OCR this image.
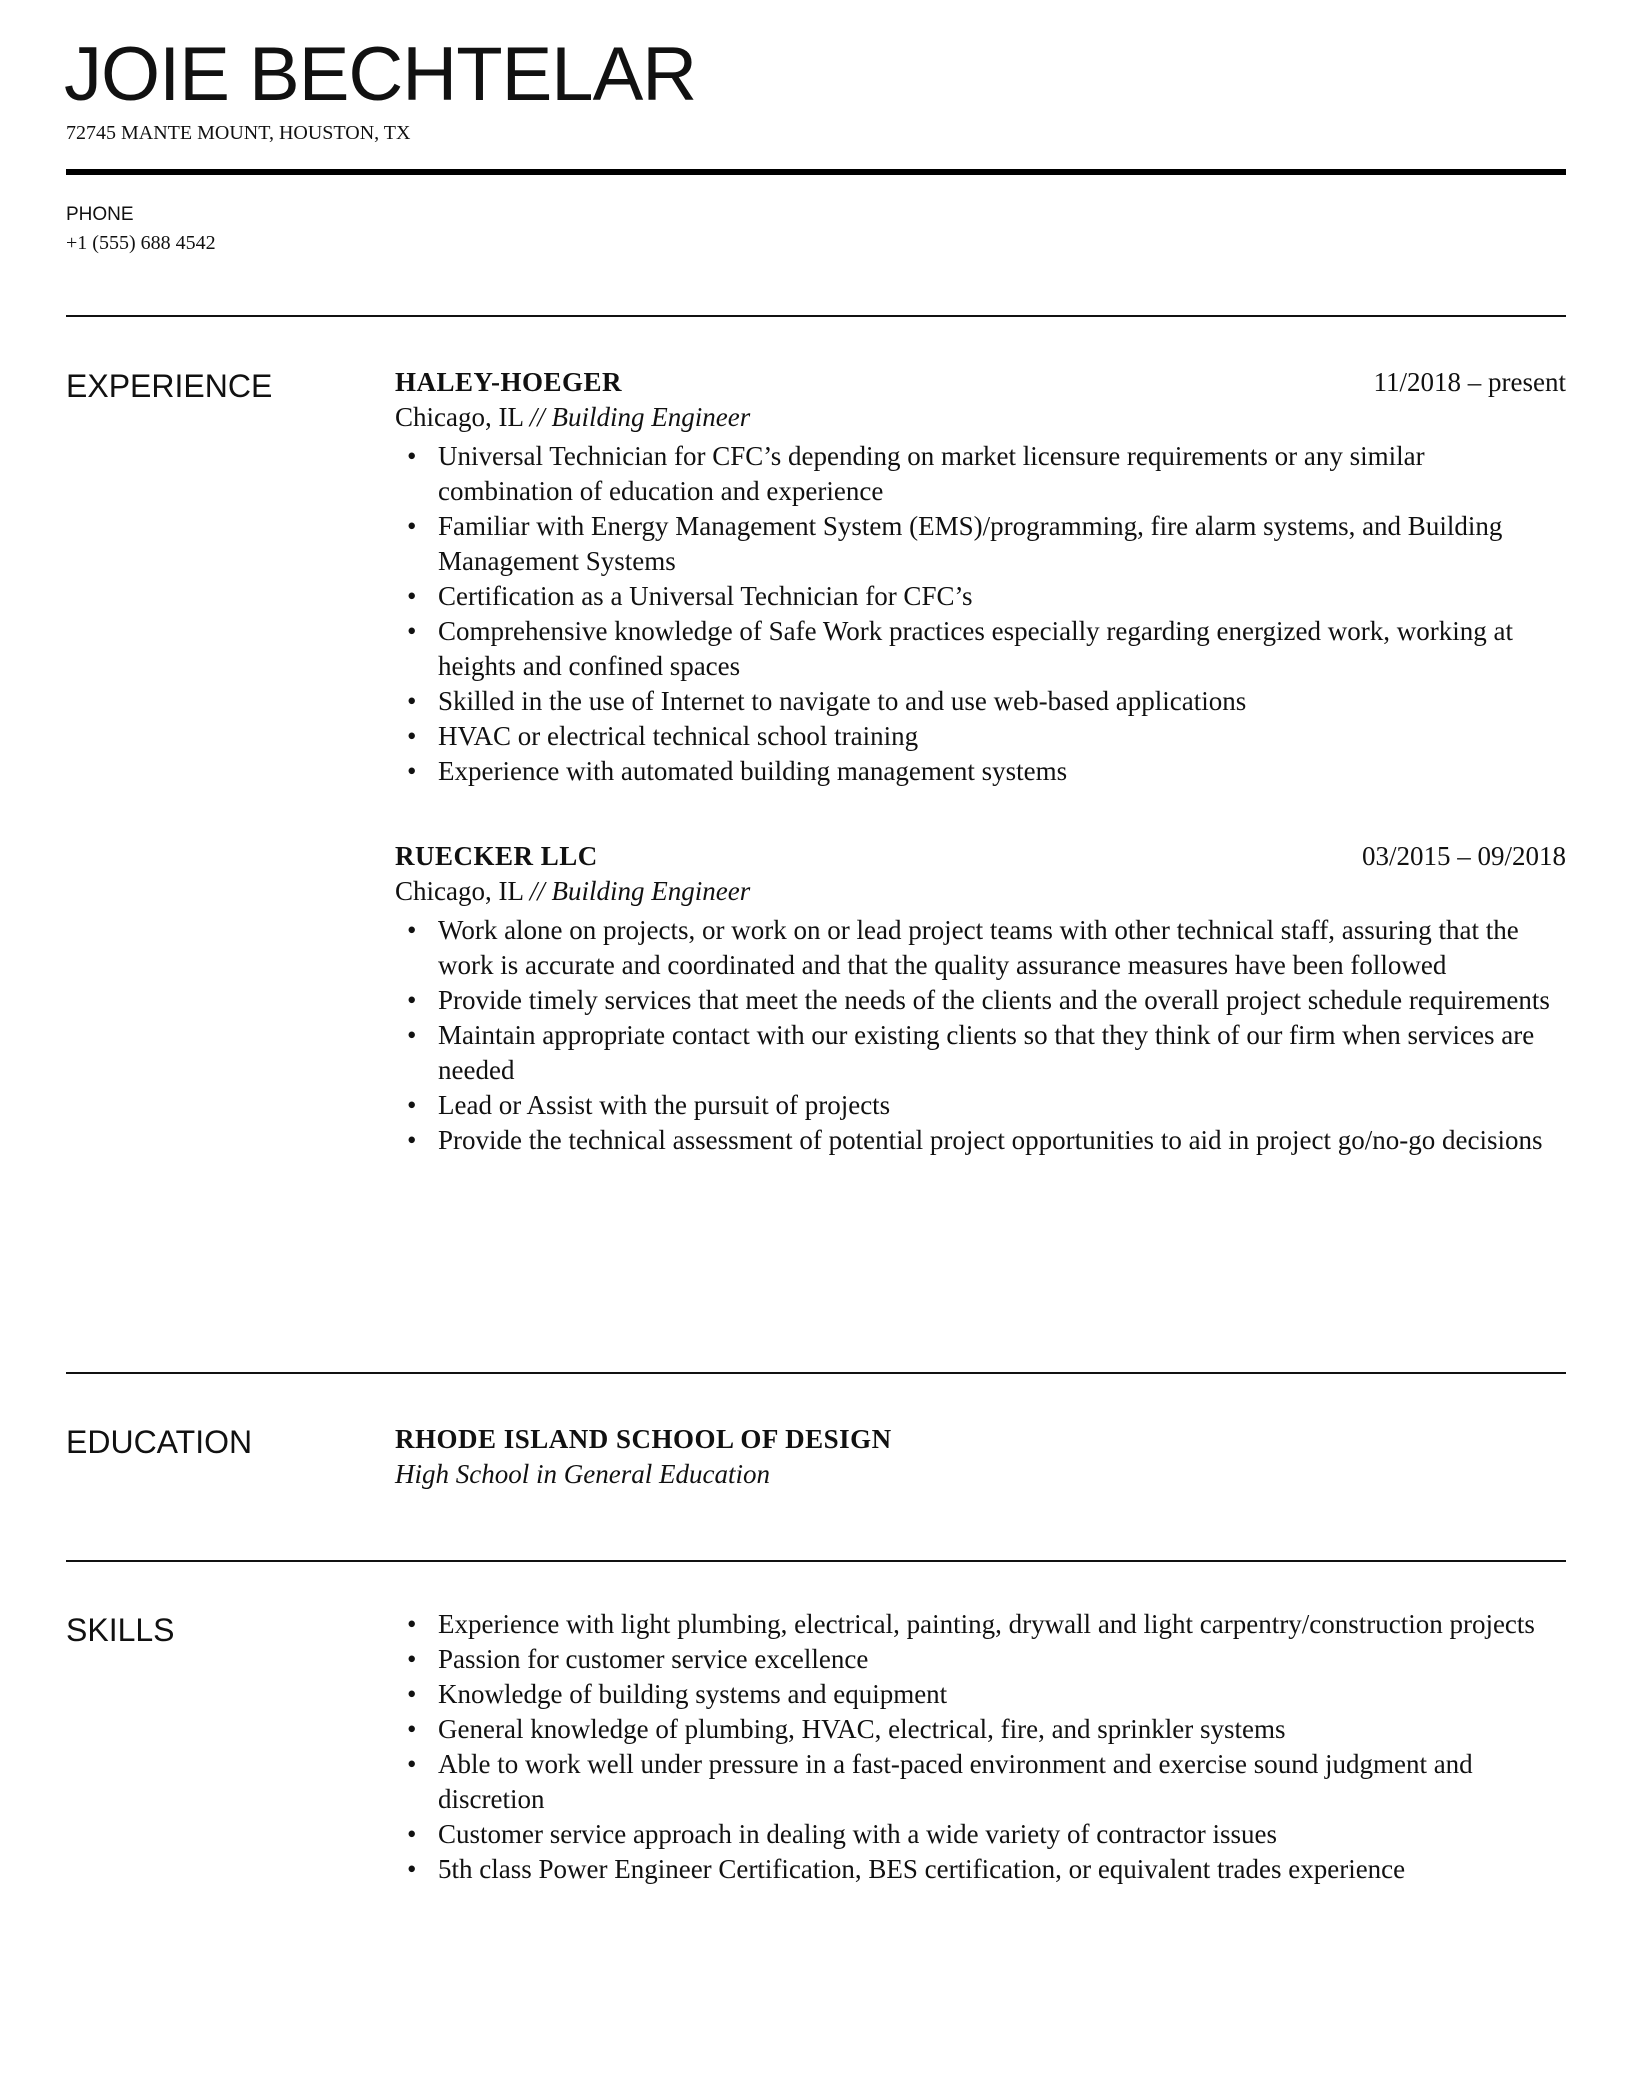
JOIE BECHTELAR
72745 MANTE MOUNT, HOUSTON, TX
PHONE
+1 (555) 688 4542
EXPERIENCE	HALEY-HOEGER	11/2018 – present
Chicago, IL // Building Engineer
• Universal Technician for CFC’s depending on market licensure requirements or any similar combination of education and experience
• Familiar with Energy Management System (EMS)/programming, fire alarm systems, and Building Management Systems
• Certification as a Universal Technician for CFC’s
• Comprehensive knowledge of Safe Work practices especially regarding energized work, working at heights and confined spaces
• Skilled in the use of Internet to navigate to and use web-based applications
• HVAC or electrical technical school training
• Experience with automated building management systems
RUECKER LLC	03/2015 – 09/2018
Chicago, IL // Building Engineer
• Work alone on projects, or work on or lead project teams with other technical staff, assuring that the work is accurate and coordinated and that the quality assurance measures have been followed
• Provide timely services that meet the needs of the clients and the overall project schedule requirements
• Maintain appropriate contact with our existing clients so that they think of our firm when services are needed
• Lead or Assist with the pursuit of projects
• Provide the technical assessment of potential project opportunities to aid in project go/no-go decisions
EDUCATION	RHODE ISLAND SCHOOL OF DESIGN
High School in General Education
SKILLS	• Experience with light plumbing, electrical, painting, drywall and light carpentry/construction projects
• Passion for customer service excellence
• Knowledge of building systems and equipment
• General knowledge of plumbing, HVAC, electrical, fire, and sprinkler systems
• Able to work well under pressure in a fast-paced environment and exercise sound judgment and discretion
• Customer service approach in dealing with a wide variety of contractor issues
• 5th class Power Engineer Certification, BES certification, or equivalent trades experience
